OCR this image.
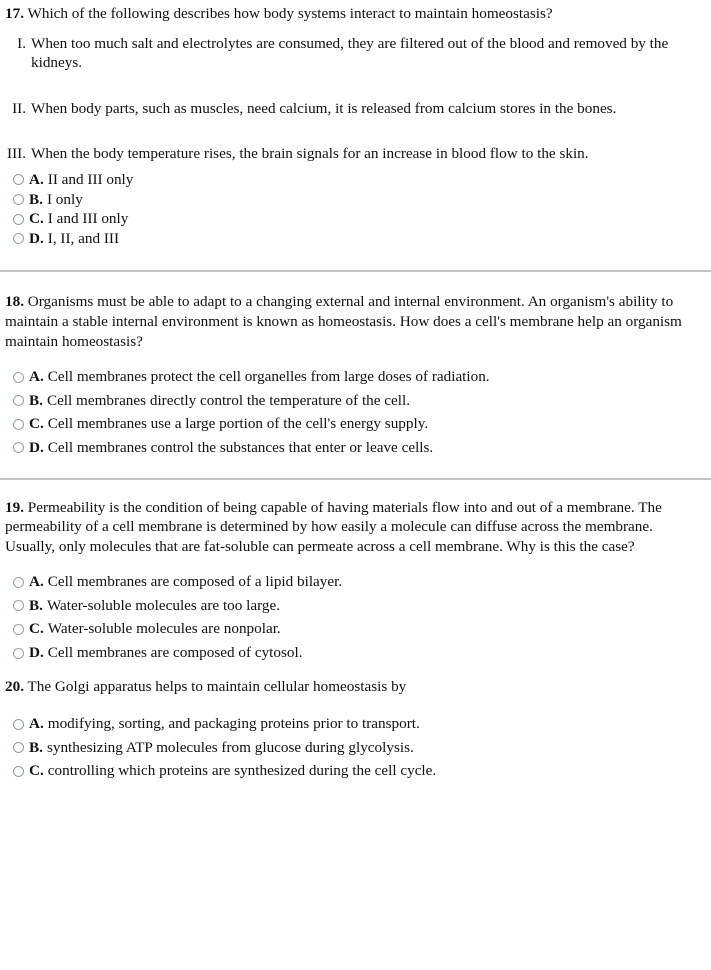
17. Which of the following describes how body systems interact to maintain homeostasis?

I. When too much salt and electrolytes are consumed, they are filtered out of the blood and removed by the kidneys.
II. When body parts, such as muscles, need calcium, it is released from calcium stores in the bones.
III. When the body temperature rises, the brain signals for an increase in blood flow to the skin.
A. II and III only
B. I only
C. I and III only
D. I, II, and III

18. Organisms must be able to adapt to a changing external and internal environment. An organism's ability to maintain a stable internal environment is known as homeostasis. How does a cell's membrane help an organism maintain homeostasis?

A. Cell membranes protect the cell organelles from large doses of radiation.
B. Cell membranes directly control the temperature of the cell.
C. Cell membranes use a large portion of the cell's energy supply.
D. Cell membranes control the substances that enter or leave cells.

19. Permeability is the condition of being capable of having materials flow into and out of a membrane. The permeability of a cell membrane is determined by how easily a molecule can diffuse across the membrane. Usually, only molecules that are fat-soluble can permeate across a cell membrane. Why is this the case?

A. Cell membranes are composed of a lipid bilayer.
B. Water-soluble molecules are too large.
C. Water-soluble molecules are nonpolar.
D. Cell membranes are composed of cytosol.

20. The Golgi apparatus helps to maintain cellular homeostasis by

A. modifying, sorting, and packaging proteins prior to transport.
B. synthesizing ATP molecules from glucose during glycolysis.
C. controlling which proteins are synthesized during the cell cycle.
